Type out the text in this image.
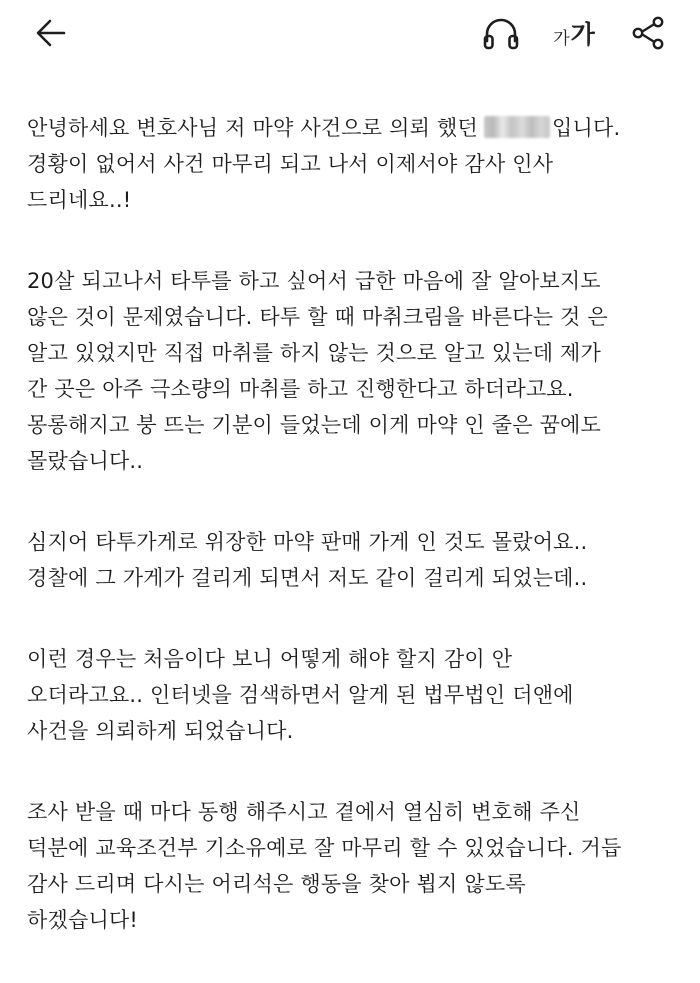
가 가
안녕하세요 변호사님 저 마약 사건으로 의뢰 했던	입니다.
경황이 없어서 사건 마무리 되고 나서 이제서야 감사 인사
드리네요..!
20살 되고나서 타투를 하고 싶어서 급한 마음에 잘 알아보지도
않은 것이 문제였습니다. 타투 할 때 마취크림을 바른다는 것 은
알고 있었지만 직접 마취를 하지 않는 것으로 알고 있는데 제가
간 곳은 아주 극소량의 마취를 하고 진행한다고 하더라고요.
몽롱해지고 붕 뜨는 기분이 들었는데 이게 마약 인 줄은 꿈에도
몰랐습니다..
심지어 타투가게로 위장한 마약 판매 가게 인 것도 몰랐어요..
경찰에 그 가게가 걸리게 되면서 저도 같이 걸리게 되었는데..
이런 경우는 처음이다 보니 어떻게 해야 할지 감이 안
오더라고요.. 인터넷을 검색하면서 알게 된 법무법인 더앤에
사건을 의뢰하게 되었습니다.
조사 받을 때 마다 동행 해주시고 곁에서 열심히 변호해 주신
덕분에 교육조건부 기소유예로 잘 마무리 할 수 있었습니다. 거듭
감사 드리며 다시는 어리석은 행동을 찾아 뵙지 않도록
하겠습니다!
